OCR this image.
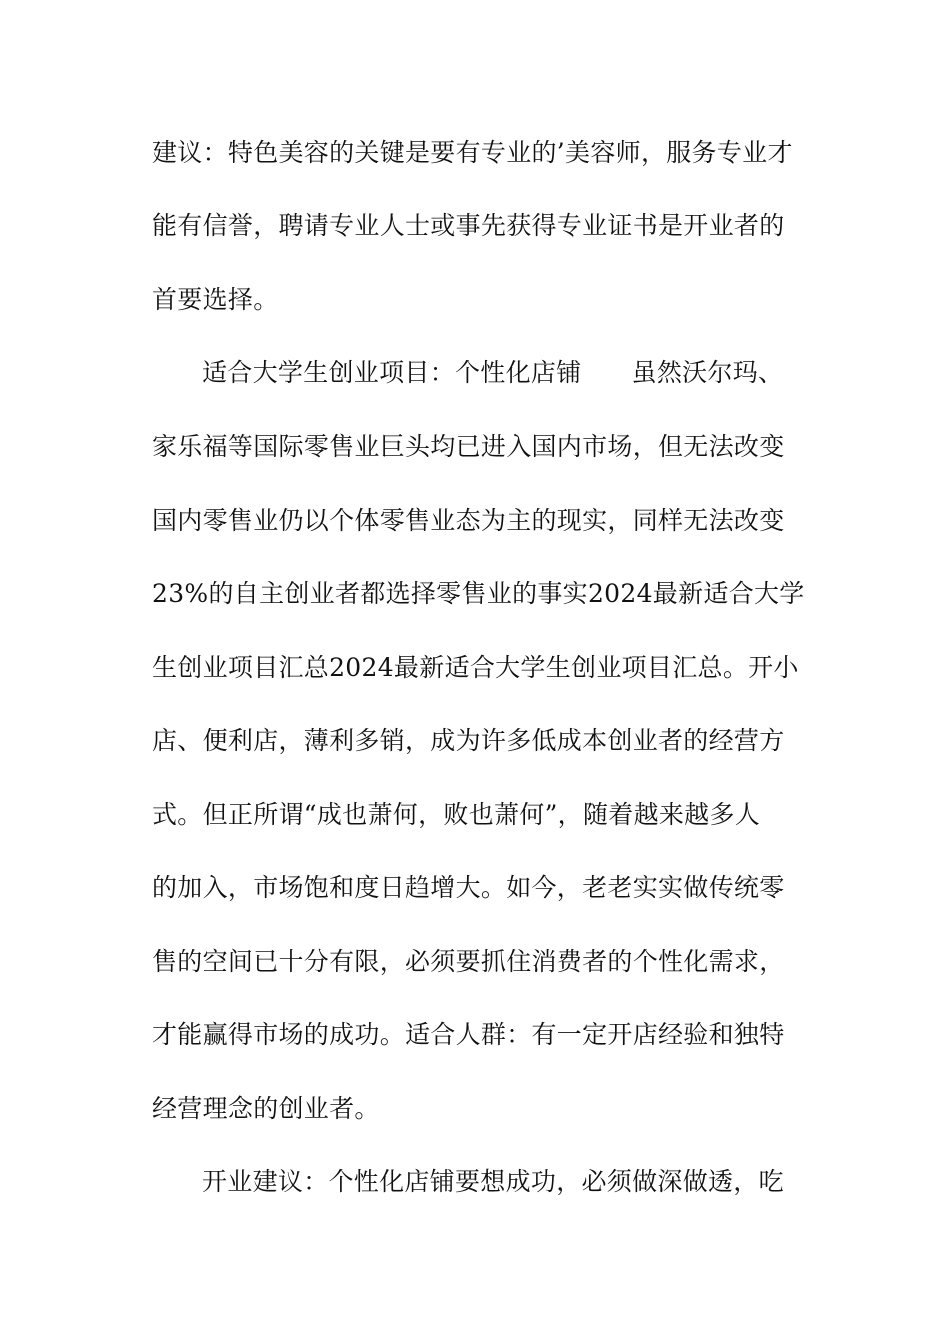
建议：特色美容的关键是要有专业的’美容师，服务专业才
能有信誉，聘请专业人士或事先获得专业证书是开业者的
首要选择。
适合大学生创业项目：个性化店铺 虽然沃尔玛、
家乐福等国际零售业巨头均已进入国内市场，但无法改变
国内零售业仍以个体零售业态为主的现实，同样无法改变
23%的自主创业者都选择零售业的事实2024最新适合大学
生创业项目汇总2024最新适合大学生创业项目汇总。开小
店、便利店，薄利多销，成为许多低成本创业者的经营方
式。但正所谓“成也萧何，败也萧何”，随着越来越多人
的加入，市场饱和度日趋增大。如今，老老实实做传统零
售的空间已十分有限，必须要抓住消费者的个性化需求，
才能赢得市场的成功。适合人群：有一定开店经验和独特
经营理念的创业者。
开业建议：个性化店铺要想成功，必须做深做透，吃
